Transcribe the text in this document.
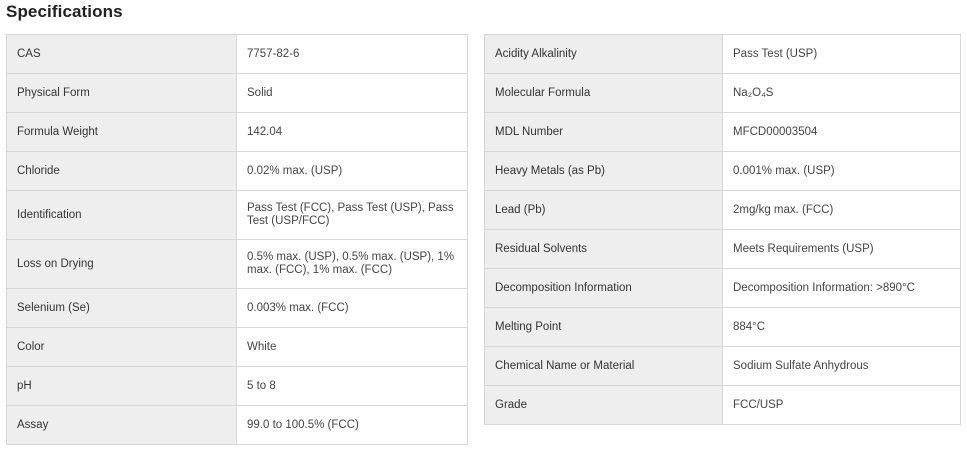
Specifications
CAS	7757-82-6
Physical Form	Solid
Formula Weight	142.04
Chloride	0.02% max. (USP)
Identification	Pass Test (FCC), Pass Test (USP), Pass Test (USP/FCC)
Loss on Drying	0.5% max. (USP), 0.5% max. (USP), 1% max. (FCC), 1% max. (FCC)
Selenium (Se)	0.003% max. (FCC)
Color	White
pH	5 to 8
Assay	99.0 to 100.5% (FCC)
Acidity Alkalinity	Pass Test (USP)
Molecular Formula	Na₂O₄S
MDL Number	MFCD00003504
Heavy Metals (as Pb)	0.001% max. (USP)
Lead (Pb)	2mg/kg max. (FCC)
Residual Solvents	Meets Requirements (USP)
Decomposition Information	Decomposition Information: >890°C
Melting Point	884°C
Chemical Name or Material	Sodium Sulfate Anhydrous
Grade	FCC/USP
